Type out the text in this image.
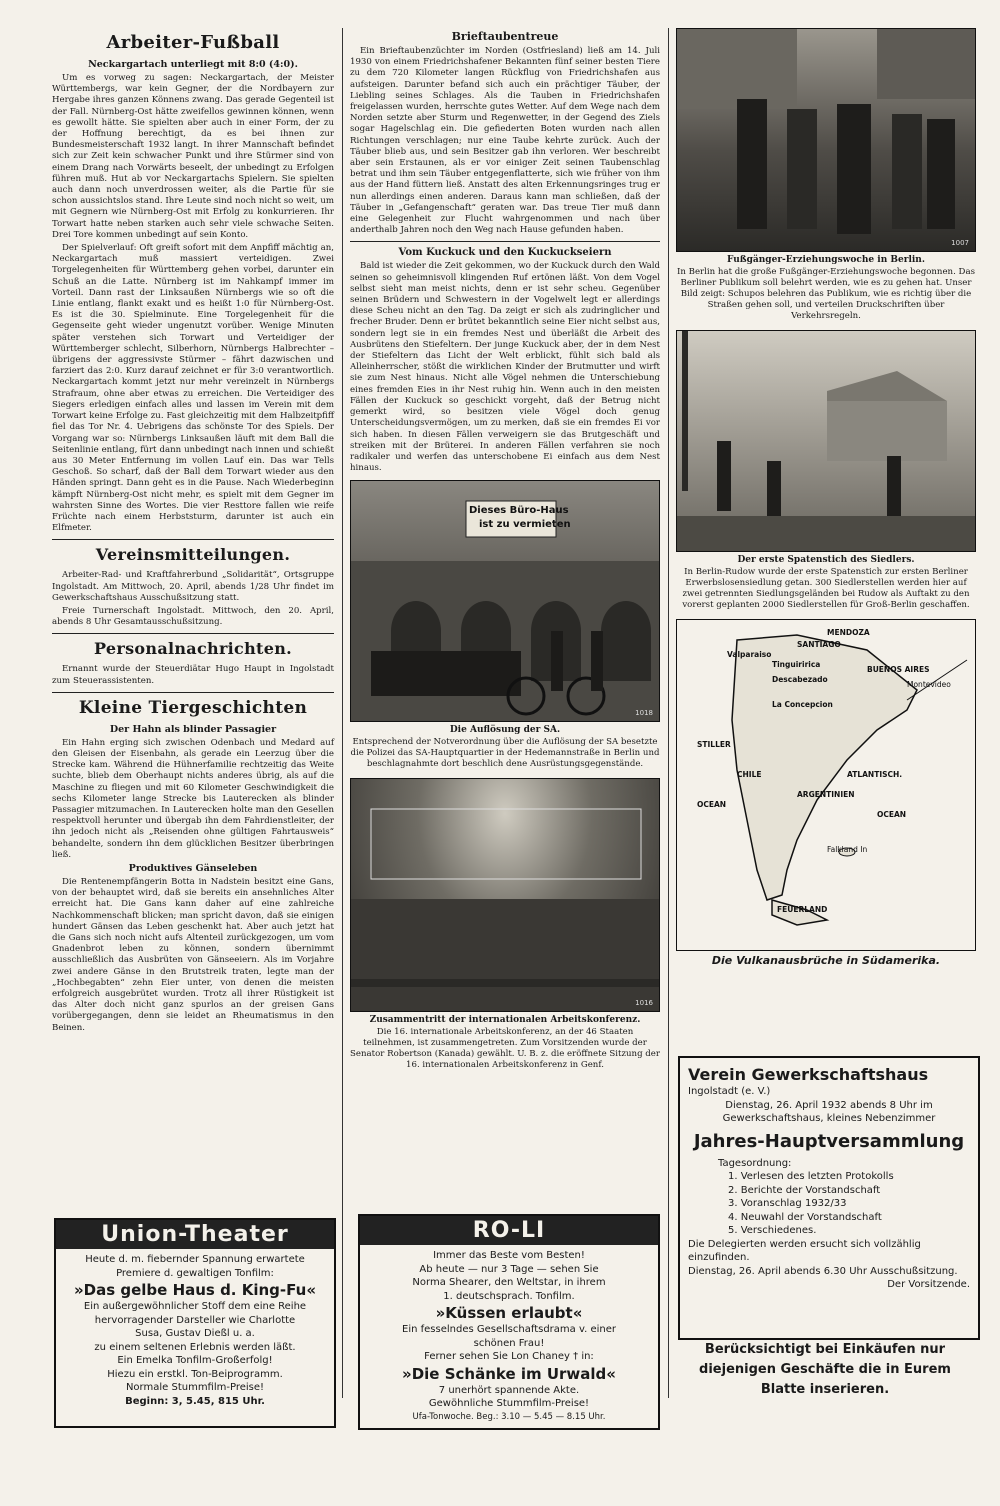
Arbeiter-Fußball
Neckargartach unterliegt mit 8:0 (4:0).

Um es vorweg zu sagen: Neckargartach, der Meister Württembergs, war kein Gegner, der die Nordbayern zur Hergabe ihres ganzen Könnens zwang. Das gerade Gegenteil ist der Fall. Nürnberg-Ost hätte zweifellos gewinnen können, wenn es gewollt hätte. Sie spielten aber auch in einer Form, der zu der Hoffnung berechtigt, da es bei ihnen zur Bundesmeisterschaft 1932 langt. In ihrer Mannschaft befindet sich zur Zeit kein schwacher Punkt und ihre Stürmer sind von einem Drang nach Vorwärts beseelt, der unbedingt zu Erfolgen führen muß. Hut ab vor Neckargartachs Spielern. Sie spielten auch dann noch unverdrossen weiter, als die Partie für sie schon aussichtslos stand. Ihre Leute sind noch nicht so weit, um mit Gegnern wie Nürnberg-Ost mit Erfolg zu konkurrieren. Ihr Torwart hatte neben starken auch sehr viele schwache Seiten. Drei Tore kommen unbedingt auf sein Konto.

Der Spielverlauf: Oft greift sofort mit dem Anpfiff mächtig an, Neckargartach muß massiert verteidigen. Zwei Torgelegenheiten für Württemberg gehen vorbei, darunter ein Schuß an die Latte. Nürnberg ist im Nahkampf immer im Vorteil. Dann rast der Linksaußen Nürnbergs wie so oft die Linie entlang, flankt exakt und es heißt 1:0 für Nürnberg-Ost. Es ist die 30. Spielminute. Eine Torgelegenheit für die Gegenseite geht wieder ungenutzt vorüber. Wenige Minuten später verstehen sich Torwart und Verteidiger der Württemberger schlecht, Silberhorn, Nürnbergs Halbrechter – übrigens der aggressivste Stürmer – fährt dazwischen und farziert das 2:0. Kurz darauf zeichnet er für 3:0 verantwortlich. Neckargartach kommt jetzt nur mehr vereinzelt in Nürnbergs Strafraum, ohne aber etwas zu erreichen. Die Verteidiger des Siegers erledigen einfach alles und lassen im Verein mit dem Torwart keine Erfolge zu. Fast gleichzeitig mit dem Halbzeitpfiff fiel das Tor Nr. 4. Uebrigens das schönste Tor des Spiels. Der Vorgang war so: Nürnbergs Linksaußen läuft mit dem Ball die Seitenlinie entlang, fürt dann unbedingt nach innen und schießt aus 30 Meter Entfernung im vollen Lauf ein. Das war Tells Geschoß. So scharf, daß der Ball dem Torwart wieder aus den Händen springt. Dann geht es in die Pause. Nach Wiederbeginn kämpft Nürnberg-Ost nicht mehr, es spielt mit dem Gegner im wahrsten Sinne des Wortes. Die vier Resttore fallen wie reife Früchte nach einem Herbststurm, darunter ist auch ein Elfmeter.

Vereinsmitteilungen.

Arbeiter-Rad- und Kraftfahrerbund „Solidarität“, Ortsgruppe Ingolstadt. Am Mittwoch, 20. April, abends 1/28 Uhr findet im Gewerkschaftshaus Ausschußsitzung statt.

Freie Turnerschaft Ingolstadt. Mittwoch, den 20. April, abends 8 Uhr Gesamtausschußsitzung.

Personalnachrichten.

Ernannt wurde der Steuerdiätar Hugo Haupt in Ingolstadt zum Steuerassistenten.

Kleine Tiergeschichten
Der Hahn als blinder Passagier

Ein Hahn erging sich zwischen Odenbach und Medard auf den Gleisen der Eisenbahn, als gerade ein Leerzug über die Strecke kam. Während die Hühnerfamilie rechtzeitig das Weite suchte, blieb dem Oberhaupt nichts anderes übrig, als auf die Maschine zu fliegen und mit 60 Kilometer Geschwindigkeit die sechs Kilometer lange Strecke bis Lauterecken als blinder Passagier mitzumachen. In Lauterecken holte man den Gesellen respektvoll herunter und übergab ihn dem Fahrdienstleiter, der ihn jedoch nicht als „Reisenden ohne gültigen Fahrtausweis“ behandelte, sondern ihn dem glücklichen Besitzer überbringen ließ.

Produktives Gänseleben

Die Rentenempfängerin Botta in Nadstein besitzt eine Gans, von der behauptet wird, daß sie bereits ein ansehnliches Alter erreicht hat. Die Gans kann daher auf eine zahlreiche Nachkommenschaft blicken; man spricht davon, daß sie einigen hundert Gänsen das Leben geschenkt hat. Aber auch jetzt hat die Gans sich noch nicht aufs Altenteil zurückgezogen, um vom Gnadenbrot leben zu können, sondern übernimmt ausschließlich das Ausbrüten von Gänseeiern. Als im Vorjahre zwei andere Gänse in den Brutstreik traten, legte man der „Hochbegabten“ zehn Eier unter, von denen die meisten erfolgreich ausgebrütet wurden. Trotz all ihrer Rüstigkeit ist das Alter doch nicht ganz spurlos an der greisen Gans vorübergegangen, denn sie leidet an Rheumatismus in den Beinen.

Union-Theater

Heute d. m. fiebernder Spannung erwartete

Premiere d. gewaltigen Tonfilm:

»Das gelbe Haus d. King-Fu«

Ein außergewöhnlicher Stoff dem eine Reihe

hervorragender Darsteller wie Charlotte

Susa, Gustav Dießl u. a.

zu einem seltenen Erlebnis werden läßt.

Ein Emelka Tonfilm-Großerfolg!

Hiezu ein erstkl. Ton-Beiprogramm.

Normale Stummfilm-Preise!

Beginn: 3, 5.45, 815 Uhr.

Brieftaubentreue

Ein Brieftaubenzüchter im Norden (Ostfriesland) ließ am 14. Juli 1930 von einem Friedrichshafener Bekannten fünf seiner besten Tiere zu dem 720 Kilometer langen Rückflug von Friedrichshafen aus aufsteigen. Darunter befand sich auch ein prächtiger Täuber, der Liebling seines Schlages. Als die Tauben in Friedrichshafen freigelassen wurden, herrschte gutes Wetter. Auf dem Wege nach dem Norden setzte aber Sturm und Regenwetter, in der Gegend des Ziels sogar Hagelschlag ein. Die gefiederten Boten wurden nach allen Richtungen verschlagen; nur eine Taube kehrte zurück. Auch der Täuber blieb aus, und sein Besitzer gab ihn verloren. Wer beschreibt aber sein Erstaunen, als er vor einiger Zeit seinen Taubenschlag betrat und ihm sein Täuber entgegenflatterte, sich wie früher von ihm aus der Hand füttern ließ. Anstatt des alten Erkennungsringes trug er nun allerdings einen anderen. Daraus kann man schließen, daß der Täuber in „Gefangenschaft“ geraten war. Das treue Tier muß dann eine Gelegenheit zur Flucht wahrgenommen und nach über anderthalb Jahren noch den Weg nach Hause gefunden haben.

Vom Kuckuck und den Kuckuckseiern

Bald ist wieder die Zeit gekommen, wo der Kuckuck durch den Wald seinen so geheimnisvoll klingenden Ruf ertönen läßt. Von dem Vogel selbst sieht man meist nichts, denn er ist sehr scheu. Gegenüber seinen Brüdern und Schwestern in der Vogelwelt legt er allerdings diese Scheu nicht an den Tag. Da zeigt er sich als zudringlicher und frecher Bruder. Denn er brütet bekanntlich seine Eier nicht selbst aus, sondern legt sie in ein fremdes Nest und überläßt die Arbeit des Ausbrütens den Stiefeltern. Der junge Kuckuck aber, der in dem Nest der Stiefeltern das Licht der Welt erblickt, fühlt sich bald als Alleinherrscher, stößt die wirklichen Kinder der Brutmutter und wirft sie zum Nest hinaus. Nicht alle Vögel nehmen die Unterschiebung eines fremden Eies in ihr Nest ruhig hin. Wenn auch in den meisten Fällen der Kuckuck so geschickt vorgeht, daß der Betrug nicht gemerkt wird, so besitzen viele Vögel doch genug Unterscheidungsvermögen, um zu merken, daß sie ein fremdes Ei vor sich haben. In diesen Fällen verweigern sie das Brutgeschäft und streiken mit der Brüterei. In anderen Fällen verfahren sie noch radikaler und werfen das unterschobene Ei einfach aus dem Nest hinaus.

Dieses Büro-Haus
ist zu vermieten
1018
Die Auflösung der SA.

Entsprechend der Notverordnung über die Auflösung der SA besetzte die Polizei das SA-Hauptquartier in der Hedemannstraße in Berlin und beschlagnahmte dort beschlich dene Ausrüstungsgegenstände.

1016
Zusammentritt der internationalen Arbeitskonferenz.

Die 16. internationale Arbeitskonferenz, an der 46 Staaten teilnehmen, ist zusammengetreten. Zum Vorsitzenden wurde der Senator Robertson (Kanada) gewählt. U. B. z. die eröffnete Sitzung der 16. internationalen Arbeitskonferenz in Genf.

RO-LI

Immer das Beste vom Besten!

Ab heute — nur 3 Tage — sehen Sie

Norma Shearer, den Weltstar, in ihrem

1. deutschsprach. Tonfilm.

»Küssen erlaubt«

Ein fesselndes Gesellschaftsdrama v. einer

schönen Frau!

Ferner sehen Sie Lon Chaney † in:

»Die Schänke im Urwald«

7 unerhört spannende Akte.

Gewöhnliche Stummfilm-Preise!

Ufa-Tonwoche. Beg.: 3.10 — 5.45 — 8.15 Uhr.

1007
Fußgänger-Erziehungswoche in Berlin.

In Berlin hat die große Fußgänger-Erziehungswoche begonnen. Das Berliner Publikum soll belehrt werden, wie es zu gehen hat. Unser Bild zeigt: Schupos belehren das Publikum, wie es richtig über die Straßen gehen soll, und verteilen Druckschriften über Verkehrsregeln.

Der erste Spatenstich des Siedlers.

In Berlin-Rudow wurde der erste Spatenstich zur ersten Berliner Erwerbslosensiedlung getan. 300 Siedlerstellen werden hier auf zwei getrennten Siedlungsgeländen bei Rudow als Auftakt zu den vorerst geplanten 2000 Siedlerstellen für Groß-Berlin geschaffen.

MENDOZA
Valparaiso
SANTIAGO
Tinguiririca
Descabezado
La Concepcion
BUENOS AIRES
Montevideo
STILLER
OCEAN
CHILE
ARGENTINIEN
ATLANTISCH.
OCEAN
Falkland In
FEUERLAND
Die Vulkanausbrüche in Südamerika.

Verein Gewerkschaftshaus

Ingolstadt (e. V.)

Dienstag, 26. April 1932 abends 8 Uhr im

Gewerkschaftshaus, kleines Nebenzimmer

Jahres-Hauptversammlung

Tagesordnung:

1. Verlesen des letzten Protokolls

2. Berichte der Vorstandschaft

3. Voranschlag 1932/33

4. Neuwahl der Vorstandschaft

5. Verschiedenes.

Die Delegierten werden ersucht sich vollzählig einzufinden.

Dienstag, 26. April abends 6.30 Uhr Ausschußsitzung.

Der Vorsitzende.

Berücksichtigt bei Einkäufen nur diejenigen Geschäfte die in Eurem Blatte inserieren.
